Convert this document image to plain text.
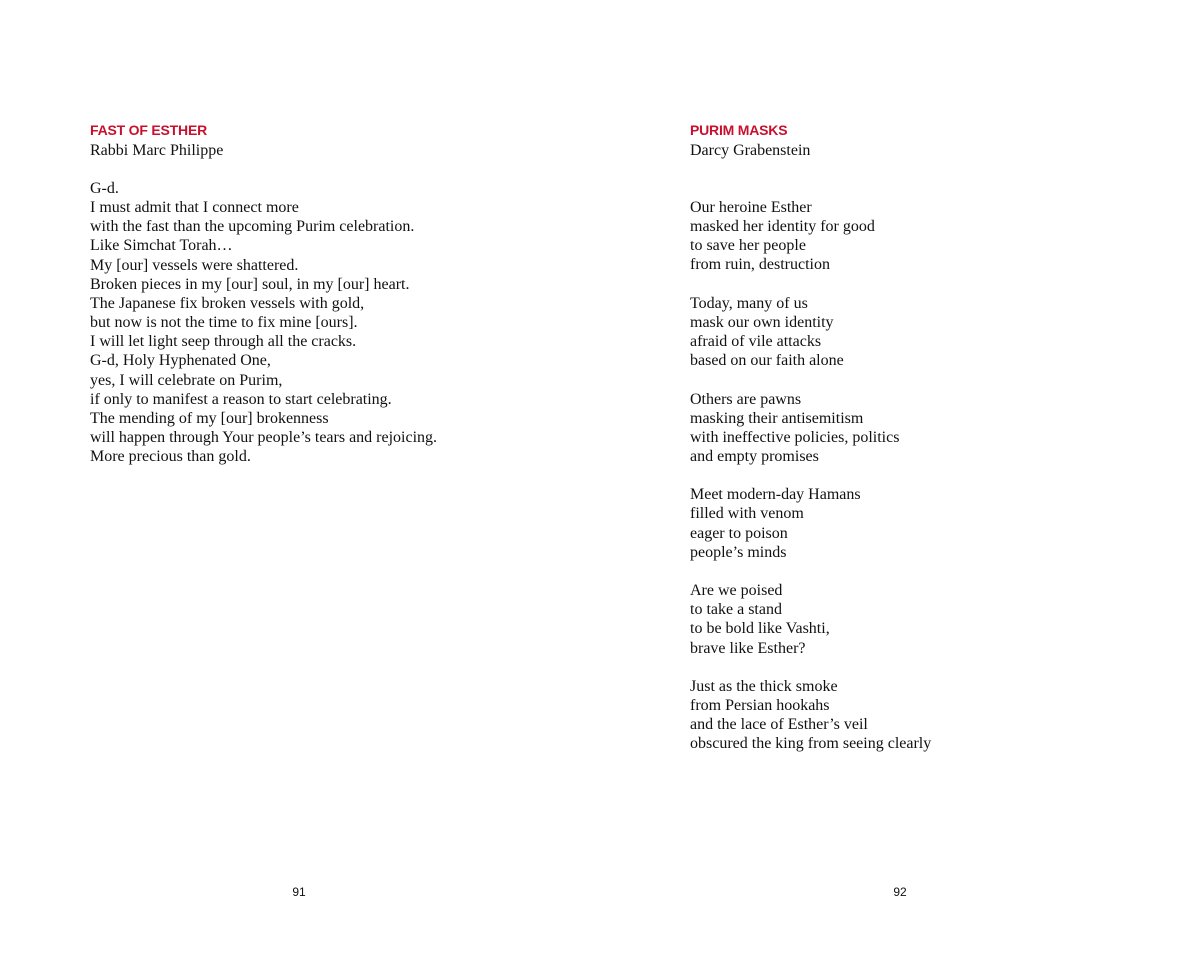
FAST OF ESTHER
Rabbi Marc Philippe
G-d.
I must admit that I connect more
with the fast than the upcoming Purim celebration.
Like Simchat Torah…
My [our] vessels were shattered.
Broken pieces in my [our] soul, in my [our] heart.
The Japanese fix broken vessels with gold,
but now is not the time to fix mine [ours].
I will let light seep through all the cracks.
G-d, Holy Hyphenated One,
yes, I will celebrate on Purim,
if only to manifest a reason to start celebrating.
The mending of my [our] brokenness
will happen through Your people’s tears and rejoicing.
More precious than gold.
91
PURIM MASKS
Darcy Grabenstein
Our heroine Esther
masked her identity for good
to save her people
from ruin, destruction
Today, many of us
mask our own identity
afraid of vile attacks
based on our faith alone
Others are pawns
masking their antisemitism
with ineffective policies, politics
and empty promises
Meet modern-day Hamans
filled with venom
eager to poison
people’s minds
Are we poised
to take a stand
to be bold like Vashti,
brave like Esther?
Just as the thick smoke
from Persian hookahs
and the lace of Esther’s veil
obscured the king from seeing clearly
92
